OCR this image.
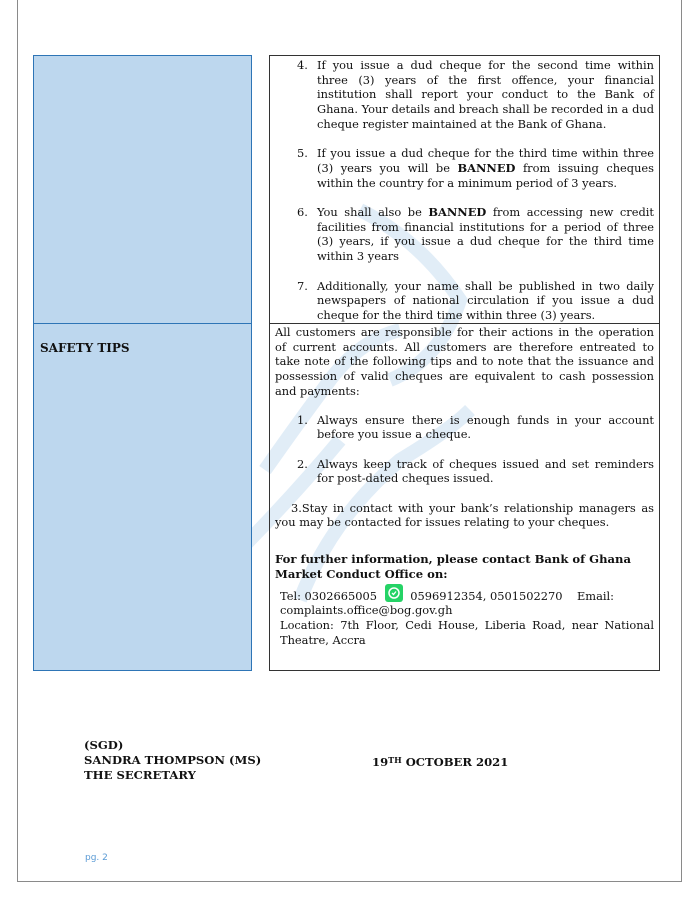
4. If you issue a dud cheque for the second time within three (3) years of the first offence, your financial institution shall report your conduct to the Bank of Ghana. Your details and breach shall be recorded in a dud cheque register maintained at the Bank of Ghana.
5. If you issue a dud cheque for the third time within three (3) years you will be BANNED from issuing cheques within the country for a minimum period of 3 years.
6. You shall also be BANNED from accessing new credit facilities from financial institutions for a period of three (3) years, if you issue a dud cheque for the third time within 3 years
7. Additionally, your name shall be published in two daily newspapers of national circulation if you issue a dud cheque for the third time within three (3) years.
SAFETY TIPS
All customers are responsible for their actions in the operation of current accounts. All customers are therefore entreated to take note of the following tips and to note that the issuance and possession of valid cheques are equivalent to cash possession and payments:
1. Always ensure there is enough funds in your account before you issue a cheque.
2. Always keep track of cheques issued and set reminders for post-dated cheques issued.
3.Stay in contact with your bank’s relationship managers as you may be contacted for issues relating to your cheques.
For further information, please contact Bank of Ghana Market Conduct Office on:
Tel: 0302665005	0596912354, 0501502270 Email: complaints.office@bog.gov.gh
Location: 7th Floor, Cedi House, Liberia Road, near National Theatre, Accra
(SGD)
SANDRA THOMPSON (MS)
THE SECRETARY
19TH OCTOBER 2021
pg. 2
